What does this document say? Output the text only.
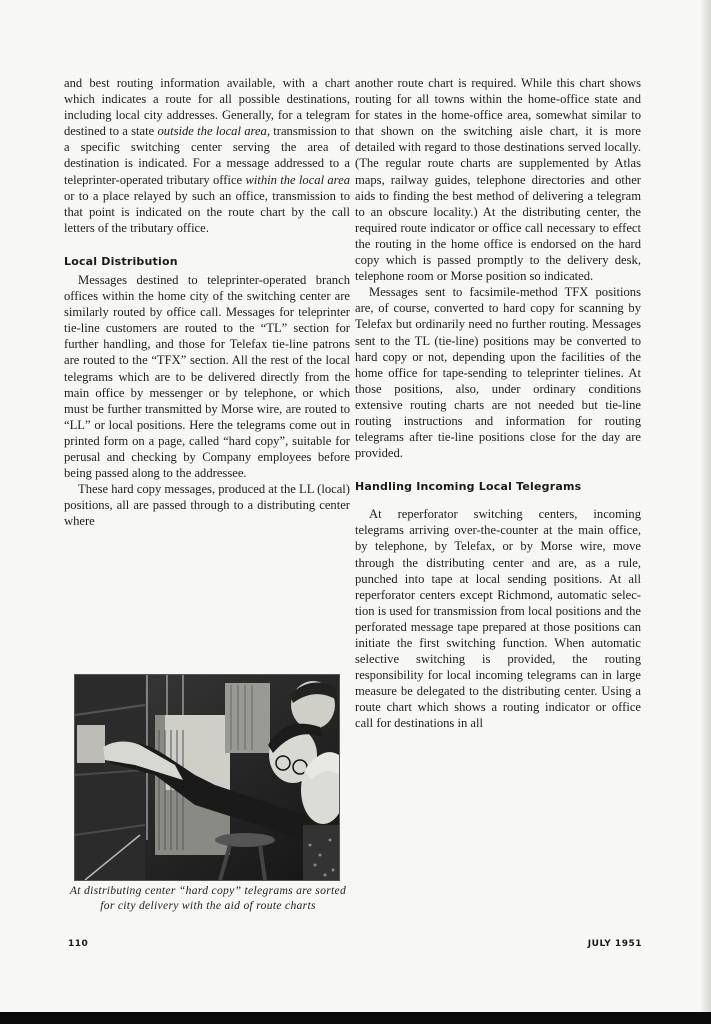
and best routing information available, with a chart which indicates a route for all possible destinations, including local city addresses. Generally, for a telegram destined to a state outside the local area, transmission to a specific switching center serving the area of destination is indicated. For a message addressed to a teleprinter-operated tributary office within the local area or to a place relayed by such an office, transmission to that point is indicated on the route chart by the call letters of the tributary office.

Local Distribution

Messages destined to teleprinter-operated branch offices within the home city of the switching center are similarly routed by office call. Messages for teleprinter tie-line customers are routed to the “TL” section for further handling, and those for Telefax tie-line patrons are routed to the “TFX” section. All the rest of the local telegrams which are to be delivered directly from the main office by messenger or by telephone, or which must be further transmitted by Morse wire, are routed to “LL” or local positions. Here the telegrams come out in printed form on a page, called “hard copy”, suitable for perusal and checking by Company employees before being passed along to the addressee.

These hard copy messages, produced at the LL (local) positions, all are passed through to a distributing center where

At distributing center “hard copy” telegrams are sorted for city delivery with the aid of route charts

another route chart is required. While this chart shows routing for all towns within the home-office state and for states in the home-office area, somewhat similar to that shown on the switching aisle chart, it is more detailed with regard to those destinations served locally. (The regular route charts are supplemented by Atlas maps, railway guides, telephone directories and other aids to finding the best method of delivering a telegram to an obscure locality.) At the distributing center, the required route indicator or office call necessary to effect the routing in the home office is endorsed on the hard copy which is passed promptly to the delivery desk, telephone room or Morse position so indicated.

Messages sent to facsimile-method TFX positions are, of course, converted to hard copy for scanning by Telefax but ordinarily need no further routing. Messages sent to the TL (tie-line) positions may be converted to hard copy or not, depending upon the facilities of the home office for tape-sending to teleprinter tielines. At those positions, also, under ordinary conditions extensive routing charts are not needed but tie-line routing instructions and information for routing telegrams after tie-line positions close for the day are provided.

Handling Incoming Local Telegrams

At reperforator switching centers, incoming telegrams arriving over-the-counter at the main office, by telephone, by Telefax, or by Morse wire, move through the distributing center and are, as a rule, punched into tape at local sending positions. At all reperforator centers except Richmond, automatic selection is used for transmission from local positions and the perforated message tape prepared at those positions can initiate the first switching function. When automatic selective switching is provided, the routing responsibility for local incoming telegrams can in large measure be delegated to the distributing center. Using a route chart which shows a routing indicator or office call for destinations in all

110	JULY 1951
